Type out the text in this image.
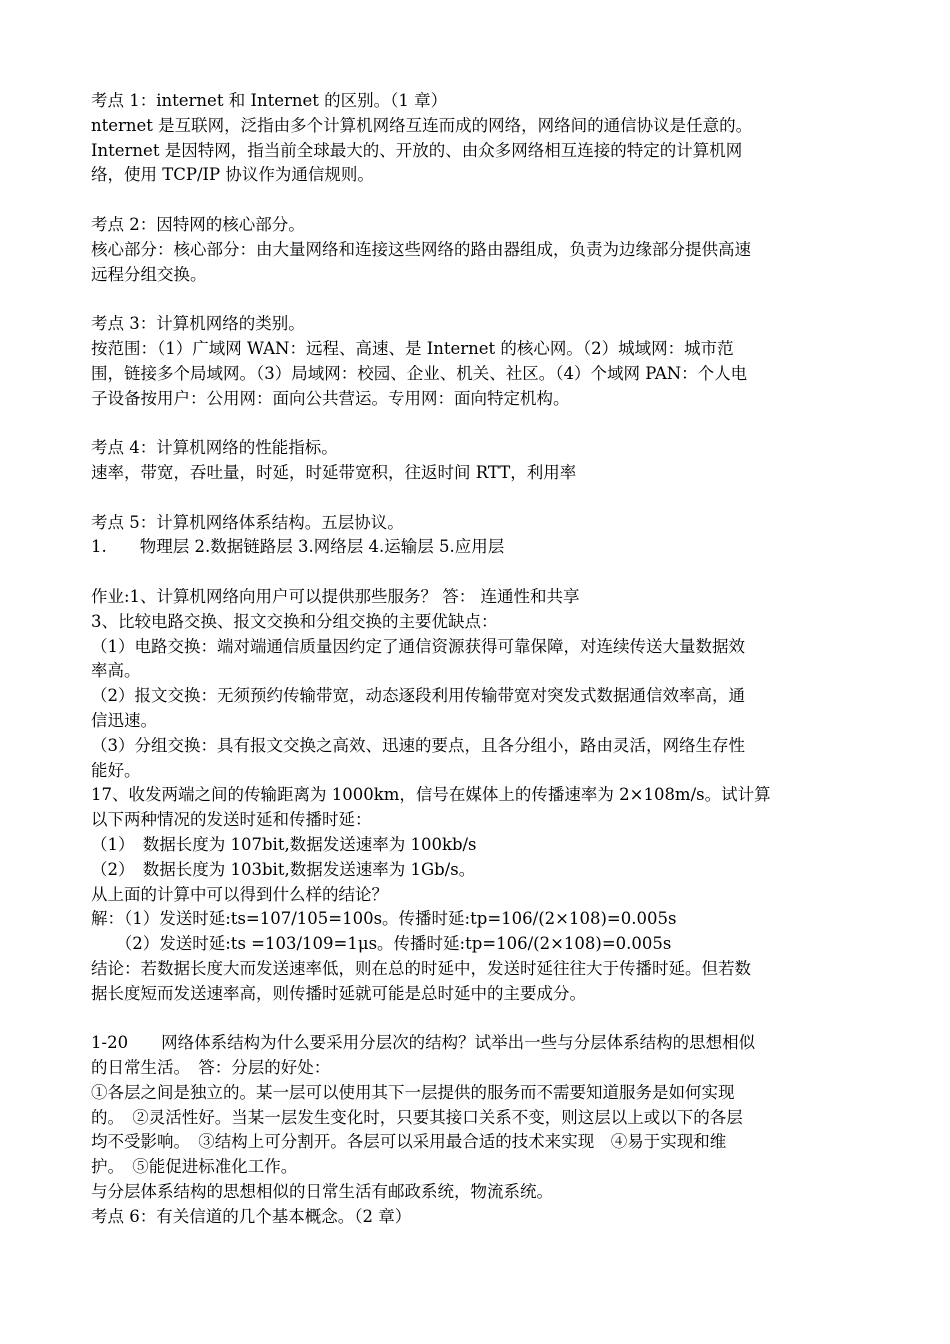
考点 1：internet 和 Internet 的区别。（1 章）
nternet 是互联网，泛指由多个计算机网络互连而成的网络，网络间的通信协议是任意的。
Internet 是因特网，指当前全球最大的、开放的、由众多网络相互连接的特定的计算机网
络，使用 TCP/IP 协议作为通信规则。
考点 2：因特网的核心部分。
核心部分：核心部分：由大量网络和连接这些网络的路由器组成，负责为边缘部分提供高速
远程分组交换。
考点 3：计算机网络的类别。
按范围：（1）广域网 WAN：远程、高速、是 Internet 的核心网。（2）城域网：城市范
围，链接多个局域网。（3）局域网：校园、企业、机关、社区。（4）个域网 PAN：个人电
子设备按用户：公用网：面向公共营运。专用网：面向特定机构。
考点 4：计算机网络的性能指标。
速率，带宽，吞吐量，时延，时延带宽积，往返时间 RTT，利用率
考点 5：计算机网络体系结构。五层协议。
1.　　物理层 2.数据链路层 3.网络层 4.运输层 5.应用层
作业:1、计算机网络向用户可以提供那些服务？ 答： 连通性和共享
3、比较电路交换、报文交换和分组交换的主要优缺点：
（1）电路交换：端对端通信质量因约定了通信资源获得可靠保障，对连续传送大量数据效
率高。
（2）报文交换：无须预约传输带宽，动态逐段利用传输带宽对突发式数据通信效率高，通
信迅速。
（3）分组交换：具有报文交换之高效、迅速的要点，且各分组小，路由灵活，网络生存性
能好。
17、收发两端之间的传输距离为 1000km，信号在媒体上的传播速率为 2×108m/s。试计算
以下两种情况的发送时延和传播时延：
（1）　数据长度为 107bit,数据发送速率为 100kb/s
（2）　数据长度为 103bit,数据发送速率为 1Gb/s。
从上面的计算中可以得到什么样的结论？
解：（1）发送时延:ts=107/105=100s。传播时延:tp=106/(2×108)=0.005s
　　（2）发送时延:ts =103/109=1μs。传播时延:tp=106/(2×108)=0.005s
结论：若数据长度大而发送速率低，则在总的时延中，发送时延往往大于传播时延。但若数
据长度短而发送速率高，则传播时延就可能是总时延中的主要成分。
1-20　　网络体系结构为什么要采用分层次的结构？试举出一些与分层体系结构的思想相似
的日常生活。　答：分层的好处：
①各层之间是独立的。某一层可以使用其下一层提供的服务而不需要知道服务是如何实现
的。　②灵活性好。当某一层发生变化时，只要其接口关系不变，则这层以上或以下的各层
均不受影响。　③结构上可分割开。各层可以采用最合适的技术来实现　④易于实现和维
护。　⑤能促进标准化工作。
与分层体系结构的思想相似的日常生活有邮政系统，物流系统。
考点 6：有关信道的几个基本概念。（2 章）
